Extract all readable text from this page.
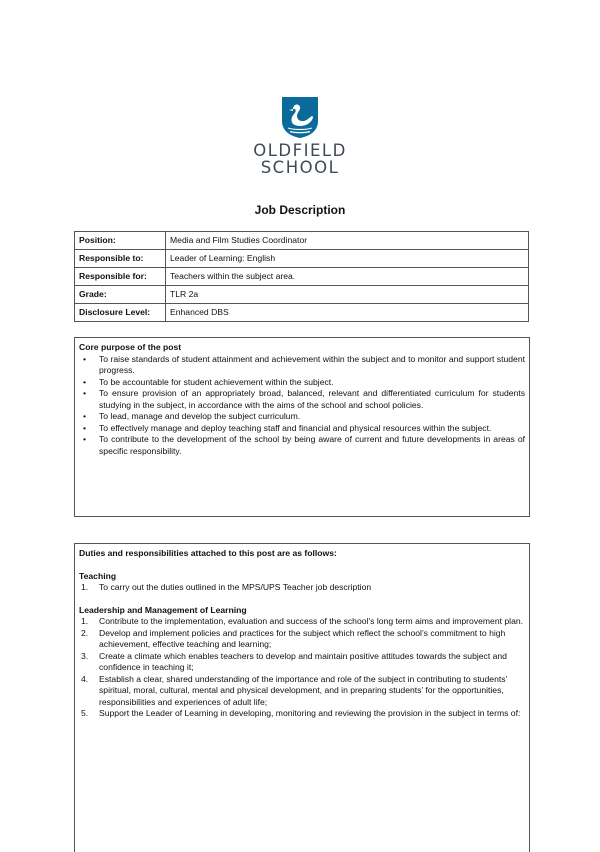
OLDFIELD
SCHOOL
Job Description
Position:	Media and Film Studies Coordinator
Responsible to:	Leader of Learning: English
Responsible for:	Teachers within the subject area.
Grade:	TLR 2a
Disclosure Level:	Enhanced DBS
Core purpose of the post
• To raise standards of student attainment and achievement within the subject and to monitor and support student progress.
• To be accountable for student achievement within the subject.
• To ensure provision of an appropriately broad, balanced, relevant and differentiated curriculum for students studying in the subject, in accordance with the aims of the school and school policies.
• To lead, manage and develop the subject curriculum.
• To effectively manage and deploy teaching staff and financial and physical resources within the subject.
• To contribute to the development of the school by being aware of current and future developments in areas of specific responsibility.
Duties and responsibilities attached to this post are as follows:
Teaching
1. To carry out the duties outlined in the MPS/UPS Teacher job description
Leadership and Management of Learning
1. Contribute to the implementation, evaluation and success of the school’s long term aims and improvement plan.
2. Develop and implement policies and practices for the subject which reflect the school’s commitment to high achievement, effective teaching and learning;
3. Create a climate which enables teachers to develop and maintain positive attitudes towards the subject and confidence in teaching it;
4. Establish a clear, shared understanding of the importance and role of the subject in contributing to students’ spiritual, moral, cultural, mental and physical development, and in preparing students’ for the opportunities, responsibilities and experiences of adult life;
5. Support the Leader of Learning in developing, monitoring and reviewing the provision in the subject in terms of:
